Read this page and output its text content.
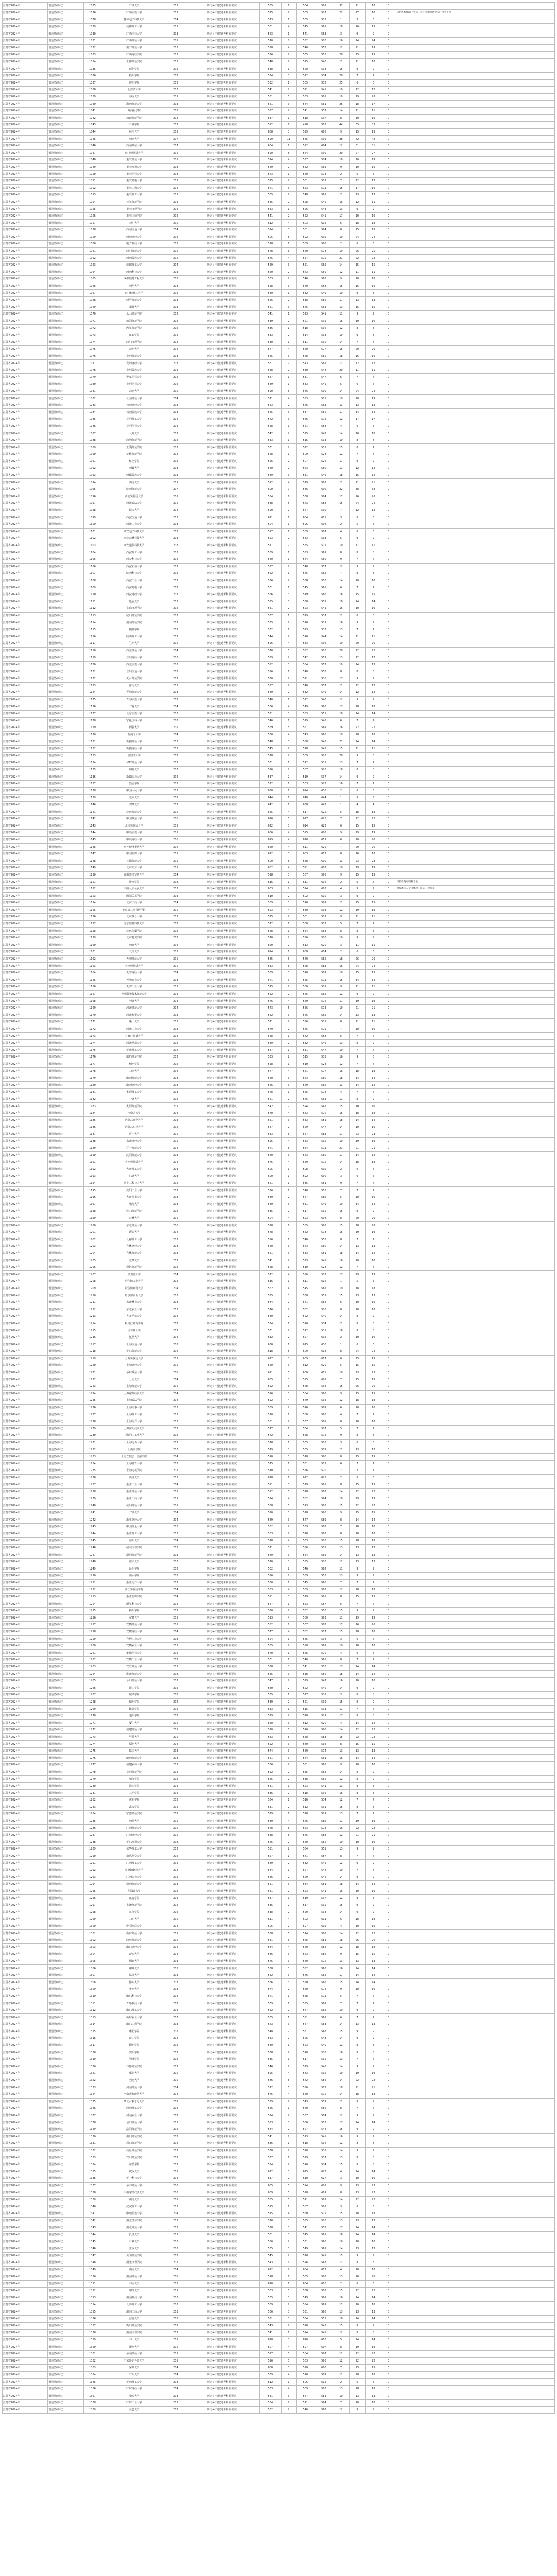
江苏省2024年	普通类(历史)	1025	广西大学	203	历史+不限(选考科目要求)	585	1	564	585	37	11	10	0	
江苏省2024年	普通类(历史)	1026	广西民族大学	203	历史+不限(选考科目要求)	575	2	505	527	22	17	10	0	只招收本科以上学历，具有国家承认学历的考生报考
江苏省2024年	普通类(历史)	1028	桂林电子科技大学	204	历史+不限(选考科目要求)	573	1	565	573	1	3	3	0	
江苏省2024年	普通类(历史)	1029	桂林理工大学	203	历史+不限(选考科目要求)	561	4	545	561	18	16	15	0	
江苏省2024年	普通类(历史)	1030	广西医科大学	203	历史+不限(选考科目要求)	563	1	541	563	3	9	9	0	
江苏省2024年	普通类(历史)	1031	广西师范大学	205	历史+不限(选考科目要求)	570	8	552	570	16	24	24	0	
江苏省2024年	普通类(历史)	1032	南宁师范大学	203	历史+不限(选考科目要求)	558	4	540	558	12	21	19	0	
江苏省2024年	普通类(历史)	1033	广西财经学院	203	历史+不限(选考科目要求)	556	2	535	556	28	15	15	0	
江苏省2024年	普通类(历史)	1034	玉林师范学院	203	历史+不限(选考科目要求)	540	2	525	540	11	11	10	0	
江苏省2024年	普通类(历史)	1035	百色学院	202	历史+不限(选考科目要求)	538	1	520	538	15	9	9	0	
江苏省2024年	普通类(历史)	1036	梧州学院	202	历史+不限(选考科目要求)	534	3	512	534	20	7	7	0	
江苏省2024年	普通类(历史)	1037	贺州学院	202	历史+不限(选考科目要求)	532	1	505	532	25	6	6	0	
江苏省2024年	普通类(历史)	1038	北部湾大学	203	历史+不限(选考科目要求)	541	2	521	541	10	12	12	0	
江苏省2024年	普通类(历史)	1039	海南大学	205	历史+不限(选考科目要求)	581	5	563	581	19	29	28	0	
江苏省2024年	普通类(历史)	1040	海南师范大学	203	历史+不限(选考科目要求)	561	3	544	561	26	18	17	0	
江苏省2024年	普通类(历史)	1041	海南医学院	203	历史+不限(选考科目要求)	557	2	541	557	14	11	11	0	
江苏省2024年	普通类(历史)	1042	琼台师范学院	202	历史+不限(选考科目要求)	537	1	518	537	8	10	10	0	
江苏省2024年	普通类(历史)	1043	三亚学院	202	历史+不限(选考科目要求)	512	6	498	512	44	35	33	0	
江苏省2024年	普通类(历史)	1044	重庆大学	205	历史+不限(选考科目要求)	608	3	599	608	9	15	15	0	
江苏省2024年	普通类(历史)	1045	西南大学	207	历史+不限(选考科目要求)	599	11	585	599	28	42	42	0	
江苏省2024年	普通类(历史)	1046	西南政法大学	207	历史+不限(选考科目要求)	604	6	592	604	12	31	31	0	
江苏省2024年	普通类(历史)	1047	四川外国语大学	205	历史+不限(选考科目要求)	590	5	574	590	20	27	27	0	
江苏省2024年	普通类(历史)	1048	重庆师范大学	205	历史+不限(选考科目要求)	574	4	557	574	18	20	19	0	
江苏省2024年	普通类(历史)	1049	重庆交通大学	203	历史+不限(选考科目要求)	569	2	552	569	9	10	10	0	
江苏省2024年	普通类(历史)	1050	重庆医科大学	203	历史+不限(选考科目要求)	573	1	560	573	2	6	6	0	
江苏省2024年	普通类(历史)	1051	重庆邮电大学	203	历史+不限(选考科目要求)	575	2	561	575	7	12	12	0	
江苏省2024年	普通类(历史)	1052	重庆工商大学	204	历史+不限(选考科目要求)	571	3	553	571	15	17	16	0	
江苏省2024年	普通类(历史)	1053	重庆理工大学	203	历史+不限(选考科目要求)	565	2	548	565	11	13	13	0	
江苏省2024年	普通类(历史)	1054	长江师范学院	202	历史+不限(选考科目要求)	545	2	528	545	16	12	11	0	
江苏省2024年	普通类(历史)	1055	重庆文理学院	202	历史+不限(选考科目要求)	543	1	526	543	13	9	9	0	
江苏省2024年	普通类(历史)	1056	重庆三峡学院	202	历史+不限(选考科目要求)	541	2	522	541	17	10	10	0	
江苏省2024年	普通类(历史)	1057	四川大学	205	历史+不限(选考科目要求)	612	4	603	612	6	18	18	0	
江苏省2024年	普通类(历史)	1058	西南交通大学	204	历史+不限(选考科目要求)	594	3	581	594	8	15	15	0	
江苏省2024年	普通类(历史)	1059	西南财经大学	206	历史+不限(选考科目要求)	605	5	592	605	10	24	24	0	
江苏省2024年	普通类(历史)	1060	电子科技大学	203	历史+不限(选考科目要求)	598	1	589	598	2	6	6	0	
江苏省2024年	普通类(历史)	1061	四川师范大学	205	历史+不限(选考科目要求)	578	6	560	578	19	26	25	0	
江苏省2024年	普通类(历史)	1062	西南民族大学	205	历史+不限(选考科目要求)	575	4	557	575	21	22	22	0	
江苏省2024年	普通类(历史)	1063	成都理工大学	204	历史+不限(选考科目要求)	569	3	551	569	14	15	15	0	
江苏省2024年	普通类(历史)	1064	西南科技大学	203	历史+不限(选考科目要求)	560	2	543	560	12	11	11	0	
江苏省2024年	普通类(历史)	1065	成都信息工程大学	203	历史+不限(选考科目要求)	563	2	546	563	9	10	10	0	
江苏省2024年	普通类(历史)	1066	西华大学	203	历史+不限(选考科目要求)	558	3	540	558	15	16	16	0	
江苏省2024年	普通类(历史)	1067	四川轻化工大学	202	历史+不限(选考科目要求)	549	1	532	549	10	8	8	0	
江苏省2024年	普通类(历史)	1068	西华师范大学	203	历史+不限(选考科目要求)	556	2	538	556	17	13	13	0	
江苏省2024年	普通类(历史)	1069	成都大学	203	历史+不限(选考科目要求)	561	3	545	561	13	15	15	0	
江苏省2024年	普通类(历史)	1070	乐山师范学院	202	历史+不限(选考科目要求)	541	1	523	541	11	9	9	0	
江苏省2024年	普通类(历史)	1071	绵阳师范学院	202	历史+不限(选考科目要求)	539	2	521	539	16	10	10	0	
江苏省2024年	普通类(历史)	1072	内江师范学院	202	历史+不限(选考科目要求)	536	1	518	536	12	8	8	0	
江苏省2024年	普通类(历史)	1073	宜宾学院	202	历史+不限(选考科目要求)	533	2	514	533	19	9	8	0	
江苏省2024年	普通类(历史)	1074	四川文理学院	202	历史+不限(选考科目要求)	530	1	511	530	14	7	7	0	
江苏省2024年	普通类(历史)	1075	贵州大学	204	历史+不限(选考科目要求)	577	4	560	577	15	20	20	0	
江苏省2024年	普通类(历史)	1076	贵州师范大学	203	历史+不限(选考科目要求)	565	3	548	565	18	16	16	0	
江苏省2024年	普通类(历史)	1077	贵州财经大学	203	历史+不限(选考科目要求)	561	2	543	561	12	12	12	0	
江苏省2024年	普通类(历史)	1078	贵州民族大学	202	历史+不限(选考科目要求)	548	2	530	548	20	11	11	0	
江苏省2024年	普通类(历史)	1079	遵义医科大学	202	历史+不限(选考科目要求)	547	1	531	547	6	7	7	0	
江苏省2024年	普通类(历史)	1080	贵州医科大学	202	历史+不限(选考科目要求)	549	1	533	549	5	6	6	0	
江苏省2024年	普通类(历史)	1081	云南大学	205	历史+不限(选考科目要求)	590	5	576	590	14	24	24	0	
江苏省2024年	普通类(历史)	1082	云南师范大学	204	历史+不限(选考科目要求)	571	4	553	571	19	20	19	0	
江苏省2024年	普通类(历史)	1083	云南财经大学	203	历史+不限(选考科目要求)	563	2	546	563	13	13	13	0	
江苏省2024年	普通类(历史)	1084	云南民族大学	203	历史+不限(选考科目要求)	555	3	537	555	17	14	14	0	
江苏省2024年	普通类(历史)	1085	昆明理工大学	204	历史+不限(选考科目要求)	572	3	556	572	12	17	17	0	
江苏省2024年	普通类(历史)	1086	昆明医科大学	202	历史+不限(选考科目要求)	558	1	541	558	4	6	6	0	
江苏省2024年	普通类(历史)	1087	大理大学	202	历史+不限(选考科目要求)	542	2	525	542	14	10	10	0	
江苏省2024年	普通类(历史)	1088	曲靖师范学院	202	历史+不限(选考科目要求)	533	1	515	533	10	8	8	0	
江苏省2024年	普通类(历史)	1089	玉溪师范学院	202	历史+不限(选考科目要求)	531	2	512	531	15	8	7	0	
江苏省2024年	普通类(历史)	1090	楚雄师范学院	202	历史+不限(选考科目要求)	528	1	509	528	12	7	7	0	
江苏省2024年	普通类(历史)	1091	红河学院	202	历史+不限(选考科目要求)	526	2	507	526	17	9	9	0	
江苏省2024年	普通类(历史)	1092	西藏大学	203	历史+不限(选考科目要求)	560	2	543	560	11	12	12	0	
江苏省2024年	普通类(历史)	1093	西藏民族大学	203	历史+不限(选考科目要求)	549	3	531	549	18	15	14	0	
江苏省2024年	普通类(历史)	1094	西北大学	205	历史+不限(选考科目要求)	592	4	579	592	11	21	21	0	
江苏省2024年	普通类(历史)	1095	陕西师范大学	207	历史+不限(选考科目要求)	600	9	586	600	22	38	38	0	
江苏省2024年	普通类(历史)	1096	西安外国语大学	205	历史+不限(选考科目要求)	584	6	568	584	17	26	26	0	
江苏省2024年	普通类(历史)	1097	西北政法大学	205	历史+不限(选考科目要求)	588	5	573	588	15	24	24	0	
江苏省2024年	普通类(历史)	1098	长安大学	204	历史+不限(选考科目要求)	590	2	577	590	7	12	12	0	
江苏省2024年	普通类(历史)	1099	西安交通大学	203	历史+不限(选考科目要求)	611	1	604	611	3	6	6	0	
江苏省2024年	普通类(历史)	1100	西北工业大学	203	历史+不限(选考科目要求)	604	1	596	604	2	5	5	0	
江苏省2024年	普通类(历史)	1101	西安电子科技大学	203	历史+不限(选考科目要求)	597	1	589	597	4	6	6	0	
江苏省2024年	普通类(历史)	1102	西北农林科技大学	203	历史+不限(选考科目要求)	593	2	583	593	5	9	9	0	
江苏省2024年	普通类(历史)	1103	西安建筑科技大学	203	历史+不限(选考科目要求)	571	2	555	571	10	11	11	0	
江苏省2024年	普通类(历史)	1104	西安理工大学	203	历史+不限(选考科目要求)	569	1	553	569	8	8	8	0	
江苏省2024年	普通类(历史)	1105	西安科技大学	202	历史+不限(选考科目要求)	560	1	544	560	9	7	7	0	
江苏省2024年	普通类(历史)	1106	西安石油大学	202	历史+不限(选考科目要求)	557	2	540	557	12	9	9	0	
江苏省2024年	普通类(历史)	1107	陕西科技大学	202	历史+不限(选考科目要求)	562	1	545	562	7	8	8	0	
江苏省2024年	普通类(历史)	1108	西安工业大学	202	历史+不限(选考科目要求)	556	2	538	556	14	10	10	0	
江苏省2024年	普通类(历史)	1109	西安邮电大学	202	历史+不限(选考科目要求)	561	1	545	561	6	7	7	0	
江苏省2024年	普通类(历史)	1110	西安财经大学	203	历史+不限(选考科目要求)	566	3	549	566	16	15	15	0	
江苏省2024年	普通类(历史)	1111	延安大学	203	历史+不限(选考科目要求)	555	3	538	555	18	14	14	0	
江苏省2024年	普通类(历史)	1112	宝鸡文理学院	202	历史+不限(选考科目要求)	541	2	523	541	15	10	10	0	
江苏省2024年	普通类(历史)	1113	咸阳师范学院	202	历史+不限(选考科目要求)	537	1	519	537	11	8	8	0	
江苏省2024年	普通类(历史)	1114	渭南师范学院	202	历史+不限(选考科目要求)	535	2	516	535	16	9	9	0	
江苏省2024年	普通类(历史)	1115	榆林学院	202	历史+不限(选考科目要求)	532	1	513	532	13	7	7	0	
江苏省2024年	普通类(历史)	1116	陕西理工大学	202	历史+不限(选考科目要求)	544	2	526	544	14	11	11	0	
江苏省2024年	普通类(历史)	1117	兰州大学	205	历史+不限(选考科目要求)	596	4	583	596	10	20	20	0	
江苏省2024年	普通类(历史)	1118	西北师范大学	204	历史+不限(选考科目要求)	570	5	552	570	20	22	22	0	
江苏省2024年	普通类(历史)	1119	兰州财经大学	203	历史+不限(选考科目要求)	559	2	542	559	13	12	12	0	
江苏省2024年	普通类(历史)	1120	西北民族大学	203	历史+不限(选考科目要求)	552	3	534	552	19	14	13	0	
江苏省2024年	普通类(历史)	1121	兰州交通大学	202	历史+不限(选考科目要求)	556	1	540	556	8	8	8	0	
江苏省2024年	普通类(历史)	1122	天水师范学院	202	历史+不限(选考科目要求)	530	2	511	530	17	9	9	0	
江苏省2024年	普通类(历史)	1123	青海大学	203	历史+不限(选考科目要求)	557	2	540	557	11	12	12	0	
江苏省2024年	普通类(历史)	1124	青海师范大学	203	历史+不限(选考科目要求)	549	2	532	549	14	12	12	0	
江苏省2024年	普通类(历史)	1125	青海民族大学	202	历史+不限(选考科目要求)	540	1	522	540	12	9	9	0	
江苏省2024年	普通类(历史)	1126	宁夏大学	204	历史+不限(选考科目要求)	566	4	549	566	17	18	18	0	
江苏省2024年	普通类(历史)	1127	北方民族大学	203	历史+不限(选考科目要求)	551	3	533	551	18	14	14	0	
江苏省2024年	普通类(历史)	1128	宁夏医科大学	202	历史+不限(选考科目要求)	546	1	529	546	6	7	7	0	
江苏省2024年	普通类(历史)	1129	新疆大学	205	历史+不限(选考科目要求)	569	5	551	569	16	22	22	0	
江苏省2024年	普通类(历史)	1130	石河子大学	204	历史+不限(选考科目要求)	560	4	543	560	19	18	18	0	
江苏省2024年	普通类(历史)	1131	新疆师范大学	203	历史+不限(选考科目要求)	548	3	530	548	21	14	14	0	
江苏省2024年	普通类(历史)	1132	新疆财经大学	203	历史+不限(选考科目要求)	545	2	528	545	15	11	11	0	
江苏省2024年	普通类(历史)	1133	塔里木大学	202	历史+不限(选考科目要求)	528	2	509	528	20	9	8	0	
江苏省2024年	普通类(历史)	1134	伊犁师范大学	202	历史+不限(选考科目要求)	531	1	512	531	13	7	7	0	
江苏省2024年	普通类(历史)	1135	喀什大学	202	历史+不限(选考科目要求)	526	2	507	526	18	8	8	0	
江苏省2024年	普通类(历史)	1136	新疆农业大学	202	历史+不限(选考科目要求)	537	2	519	537	14	9	9	0	
江苏省2024年	普通类(历史)	1137	昌吉学院	202	历史+不限(选考科目要求)	522	1	503	522	16	7	7	0	
江苏省2024年	普通类(历史)	1138	中国人民大学	203	历史+不限(选考科目要求)	630	1	624	630	2	6	6	0	
江苏省2024年	普通类(历史)	1139	北京大学	202	历史+不限(选考科目要求)	644	1	640	644	1	5	5	0	
江苏省2024年	普通类(历史)	1140	清华大学	202	历史+不限(选考科目要求)	642	1	638	642	1	4	4	0	
江苏省2024年	普通类(历史)	1141	北京师范大学	205	历史+不限(选考科目要求)	625	4	617	625	5	18	18	0	
江苏省2024年	普通类(历史)	1142	中国政法大学	206	历史+不限(选考科目要求)	626	5	617	626	7	22	22	0	
江苏省2024年	普通类(历史)	1143	北京外国语大学	205	历史+不限(选考科目要求)	622	3	614	622	6	15	15	0	
江苏省2024年	普通类(历史)	1144	中央民族大学	205	历史+不限(选考科目要求)	606	4	595	606	9	19	19	0	
江苏省2024年	普通类(历史)	1145	中央财经大学	206	历史+不限(选考科目要求)	619	4	610	619	6	20	20	0	
江苏省2024年	普通类(历史)	1146	对外经济贸易大学	206	历史+不限(选考科目要求)	620	4	611	620	7	20	20	0	
江苏省2024年	普通类(历史)	1147	中国传媒大学	205	历史+不限(选考科目要求)	612	3	603	612	8	16	16	0	
江苏省2024年	普通类(历史)	1148	首都师范大学	205	历史+不限(选考科目要求)	600	5	588	600	13	23	23	0	
江苏省2024年	普通类(历史)	1149	北京语言大学	205	历史+不限(选考科目要求)	602	4	591	602	10	19	19	0	
江苏省2024年	普通类(历史)	1150	首都经济贸易大学	204	历史+不限(选考科目要求)	598	3	587	598	9	15	15	0	
江苏省2024年	普通类(历史)	1151	外交学院	203	历史+不限(选考科目要求)	616	1	611	616	2	6	6	0	只招收英语语种考生
江苏省2024年	普通类(历史)	1152	中国人民公安大学	203	历史+不限(选考科目要求)	603	2	594	603	4	9	9	0	须参加公安专业体检、面试、政审等
江苏省2024年	普通类(历史)	1153	国际关系学院	203	历史+不限(选考科目要求)	610	2	602	610	3	9	9	0	
江苏省2024年	普通类(历史)	1154	北京工商大学	204	历史+不限(选考科目要求)	589	3	576	589	11	15	15	0	
江苏省2024年	普通类(历史)	1155	北京第二外国语学院	205	历史+不限(选考科目要求)	593	4	580	593	12	19	19	0	
江苏省2024年	普通类(历史)	1156	北京联合大学	203	历史+不限(选考科目要求)	575	2	561	575	9	11	11	0	
江苏省2024年	普通类(历史)	1157	北京信息科技大学	202	历史+不限(选考科目要求)	572	1	560	572	5	7	7	0	
江苏省2024年	普通类(历史)	1158	北京印刷学院	202	历史+不限(选考科目要求)	568	1	554	568	8	8	8	0	
江苏省2024年	普通类(历史)	1159	北京物资学院	202	历史+不限(选考科目要求)	570	2	556	570	10	9	9	0	
江苏省2024年	普通类(历史)	1160	南开大学	204	历史+不限(选考科目要求)	620	2	613	620	3	11	11	0	
江苏省2024年	普通类(历史)	1161	天津大学	203	历史+不限(选考科目要求)	614	1	608	614	2	6	6	0	
江苏省2024年	普通类(历史)	1162	天津师范大学	205	历史+不限(选考科目要求)	585	6	570	585	18	26	26	0	
江苏省2024年	普通类(历史)	1163	天津外国语大学	205	历史+不限(选考科目要求)	583	5	568	583	16	24	24	0	
江苏省2024年	普通类(历史)	1164	天津财经大学	204	历史+不限(选考科目要求)	589	3	576	589	10	15	15	0	
江苏省2024年	普通类(历史)	1165	天津商业大学	203	历史+不限(选考科目要求)	571	3	555	571	15	14	14	0	
江苏省2024年	普通类(历史)	1166	天津工业大学	203	历史+不限(选考科目要求)	575	2	560	575	9	11	11	0	
江苏省2024年	普通类(历史)	1167	天津职业技术师范大学	202	历史+不限(选考科目要求)	562	2	545	562	12	9	9	0	
江苏省2024年	普通类(历史)	1168	河北大学	204	历史+不限(选考科目要求)	576	4	559	576	17	19	19	0	
江苏省2024年	普通类(历史)	1169	河北师范大学	204	历史+不限(选考科目要求)	573	5	556	573	19	21	21	0	
江苏省2024年	普通类(历史)	1170	河北经贸大学	203	历史+不限(选考科目要求)	562	3	545	562	14	13	13	0	
江苏省2024年	普通类(历史)	1171	燕山大学	203	历史+不限(选考科目要求)	571	2	556	571	8	11	11	0	
江苏省2024年	普通类(历史)	1172	河北工业大学	203	历史+不限(选考科目要求)	579	2	565	579	7	10	10	0	
江苏省2024年	普通类(历史)	1173	石家庄铁道大学	202	历史+不限(选考科目要求)	558	1	542	558	6	7	7	0	
江苏省2024年	普通类(历史)	1174	河北地质大学	202	历史+不限(选考科目要求)	549	2	532	549	13	9	9	0	
江苏省2024年	普通类(历史)	1175	华北理工大学	202	历史+不限(选考科目要求)	547	1	531	547	10	7	7	0	
江苏省2024年	普通类(历史)	1176	廊坊师范学院	202	历史+不限(选考科目要求)	533	2	515	533	16	9	8	0	
江苏省2024年	普通类(历史)	1177	衡水学院	202	历史+不限(选考科目要求)	528	1	510	528	12	7	7	0	
江苏省2024年	普通类(历史)	1178	山西大学	204	历史+不限(选考科目要求)	577	4	561	577	16	18	18	0	
江苏省2024年	普通类(历史)	1179	山西师范大学	203	历史+不限(选考科目要求)	560	3	543	560	18	14	14	0	
江苏省2024年	普通类(历史)	1180	山西财经大学	203	历史+不限(选考科目要求)	566	3	549	566	13	14	14	0	
江苏省2024年	普通类(历史)	1181	太原理工大学	203	历史+不限(选考科目要求)	578	1	565	578	4	7	7	0	
江苏省2024年	普通类(历史)	1182	中北大学	202	历史+不限(选考科目要求)	561	2	545	561	11	9	9	0	
江苏省2024年	普通类(历史)	1183	太原师范学院	202	历史+不限(选考科目要求)	542	2	524	542	15	10	10	0	
江苏省2024年	普通类(历史)	1184	内蒙古大学	204	历史+不限(选考科目要求)	570	4	553	570	16	18	18	0	
江苏省2024年	普通类(历史)	1185	内蒙古师范大学	203	历史+不限(选考科目要求)	551	3	533	551	18	14	14	0	
江苏省2024年	普通类(历史)	1186	内蒙古财经大学	202	历史+不限(选考科目要求)	547	2	529	547	14	10	10	0	
江苏省2024年	普通类(历史)	1187	辽宁大学	205	历史+不限(选考科目要求)	583	5	567	583	17	23	23	0	
江苏省2024年	普通类(历史)	1188	东北财经大学	205	历史+不限(选考科目要求)	595	4	583	595	10	19	19	0	
江苏省2024年	普通类(历史)	1189	辽宁师范大学	204	历史+不限(选考科目要求)	571	5	554	571	21	21	21	0	
江苏省2024年	普通类(历史)	1190	沈阳师范大学	203	历史+不限(选考科目要求)	560	3	543	560	17	14	14	0	
江苏省2024年	普通类(历史)	1191	大连外国语大学	204	历史+不限(选考科目要求)	575	4	559	575	14	18	18	0	
江苏省2024年	普通类(历史)	1192	大连理工大学	203	历史+不限(选考科目要求)	605	1	598	605	2	6	6	0	
江苏省2024年	普通类(历史)	1193	东北大学	203	历史+不限(选考科目要求)	600	1	592	600	3	6	6	0	
江苏省2024年	普通类(历史)	1194	辽宁工程技术大学	202	历史+不限(选考科目要求)	551	1	535	551	9	7	7	0	
江苏省2024年	普通类(历史)	1195	沈阳工业大学	202	历史+不限(选考科目要求)	556	1	540	556	7	7	7	0	
江苏省2024年	普通类(历史)	1196	大连海事大学	203	历史+不限(选考科目要求)	589	2	577	589	5	10	10	0	
江苏省2024年	普通类(历史)	1197	渤海大学	203	历史+不限(选考科目要求)	549	3	531	549	19	14	14	0	
江苏省2024年	普通类(历史)	1198	鞍山师范学院	202	历史+不限(选考科目要求)	535	2	517	535	15	9	9	0	
江苏省2024年	普通类(历史)	1199	吉林大学	205	历史+不限(选考科目要求)	604	4	593	604	8	20	20	0	
江苏省2024年	普通类(历史)	1200	东北师范大学	206	历史+不限(选考科目要求)	598	6	585	598	15	28	28	0	
江苏省2024年	普通类(历史)	1201	延边大学	204	历史+不限(选考科目要求)	578	4	562	578	16	19	19	0	
江苏省2024年	普通类(历史)	1202	长春理工大学	202	历史+不限(选考科目要求)	556	1	540	556	8	7	7	0	
江苏省2024年	普通类(历史)	1203	吉林财经大学	203	历史+不限(选考科目要求)	560	3	543	560	14	13	13	0	
江苏省2024年	普通类(历史)	1204	吉林师范大学	203	历史+不限(选考科目要求)	551	3	533	551	18	14	14	0	
江苏省2024年	普通类(历史)	1205	北华大学	202	历史+不限(选考科目要求)	541	2	523	541	16	10	10	0	
江苏省2024年	普通类(历史)	1206	通化师范学院	202	历史+不限(选考科目要求)	528	1	510	528	12	7	7	0	
江苏省2024年	普通类(历史)	1207	黑龙江大学	204	历史+不限(选考科目要求)	572	4	556	572	17	19	19	0	
江苏省2024年	普通类(历史)	1208	哈尔滨工业大学	202	历史+不限(选考科目要求)	616	1	611	616	1	5	5	0	
江苏省2024年	普通类(历史)	1209	哈尔滨师范大学	204	历史+不限(选考科目要求)	562	4	545	562	19	18	18	0	
江苏省2024年	普通类(历史)	1210	哈尔滨商业大学	203	历史+不限(选考科目要求)	555	3	538	555	15	13	13	0	
江苏省2024年	普通类(历史)	1211	东北林业大学	203	历史+不限(选考科目要求)	584	2	571	584	6	10	10	0	
江苏省2024年	普通类(历史)	1212	东北农业大学	203	历史+不限(选考科目要求)	576	2	562	576	8	10	10	0	
江苏省2024年	普通类(历史)	1213	齐齐哈尔大学	202	历史+不限(选考科目要求)	540	2	522	540	14	9	9	0	
江苏省2024年	普通类(历史)	1214	牡丹江师范学院	202	历史+不限(选考科目要求)	534	1	516	534	11	8	8	0	
江苏省2024年	普通类(历史)	1215	佳木斯大学	202	历史+不限(选考科目要求)	531	2	512	531	16	8	8	0	
江苏省2024年	普通类(历史)	1216	复旦大学	204	历史+不限(选考科目要求)	632	2	627	632	2	10	10	0	
江苏省2024年	普通类(历史)	1217	上海交通大学	203	历史+不限(选考科目要求)	630	1	625	630	1	6	6	0	
江苏省2024年	普通类(历史)	1218	华东师范大学	206	历史+不限(选考科目要求)	618	5	609	618	8	24	24	0	
江苏省2024年	普通类(历史)	1219	上海外国语大学	205	历史+不限(选考科目要求)	617	3	609	617	6	15	15	0	
江苏省2024年	普通类(历史)	1220	上海财经大学	205	历史+不限(选考科目要求)	620	3	612	620	5	15	15	0	
江苏省2024年	普通类(历史)	1221	华东政法大学	206	历史+不限(选考科目要求)	611	5	600	611	10	23	23	0	
江苏省2024年	普通类(历史)	1222	上海大学	204	历史+不限(选考科目要求)	605	3	595	605	7	15	15	0	
江苏省2024年	普通类(历史)	1223	上海师范大学	205	历史+不限(选考科目要求)	592	6	578	592	15	26	26	0	
江苏省2024年	普通类(历史)	1224	上海对外经贸大学	204	历史+不限(选考科目要求)	596	3	584	596	9	15	15	0	
江苏省2024年	普通类(历史)	1225	上海政法学院	204	历史+不限(选考科目要求)	592	4	579	592	12	18	18	0	
江苏省2024年	普通类(历史)	1226	上海海事大学	203	历史+不限(选考科目要求)	589	2	576	589	6	10	10	0	
江苏省2024年	普通类(历史)	1227	上海理工大学	203	历史+不限(选考科目要求)	590	1	580	590	4	7	7	0	
江苏省2024年	普通类(历史)	1228	上海海洋大学	203	历史+不限(选考科目要求)	581	2	567	581	8	10	10	0	
江苏省2024年	普通类(历史)	1229	上海应用技术大学	202	历史+不限(选考科目要求)	577	1	564	577	5	7	7	0	
江苏省2024年	普通类(历史)	1230	上海第二工业大学	202	历史+不限(选考科目要求)	572	2	558	572	9	8	8	0	
江苏省2024年	普通类(历史)	1231	上海电力大学	202	历史+不限(选考科目要求)	578	1	565	578	3	6	6	0	
江苏省2024年	普通类(历史)	1232	上海商学院	203	历史+不限(选考科目要求)	579	3	565	579	11	13	13	0	
江苏省2024年	普通类(历史)	1233	上海立信会计金融学院	204	历史+不限(选考科目要求)	590	3	578	590	8	15	15	0	
江苏省2024年	普通类(历史)	1234	上海体育大学	202	历史+不限(选考科目要求)	575	1	561	575	6	7	7	0	
江苏省2024年	普通类(历史)	1235	上海电机学院	202	历史+不限(选考科目要求)	570	1	556	570	7	7	7	0	
江苏省2024年	普通类(历史)	1236	浙江大学	203	历史+不限(选考科目要求)	628	1	622	628	2	6	6	0	
江苏省2024年	普通类(历史)	1237	浙江工业大学	204	历史+不限(选考科目要求)	591	3	579	591	8	15	15	0	
江苏省2024年	普通类(历史)	1238	浙江师范大学	205	历史+不限(选考科目要求)	592	5	578	592	14	22	22	0	
江苏省2024年	普通类(历史)	1239	浙江工商大学	205	历史+不限(选考科目要求)	594	4	582	594	10	19	19	0	
江苏省2024年	普通类(历史)	1240	杭州师范大学	205	历史+不限(选考科目要求)	588	5	573	588	15	22	22	0	
江苏省2024年	普通类(历史)	1241	宁波大学	204	历史+不限(选考科目要求)	590	3	578	590	9	15	15	0	
江苏省2024年	普通类(历史)	1242	浙江财经大学	204	历史+不限(选考科目要求)	589	3	577	589	8	14	14	0	
江苏省2024年	普通类(历史)	1243	中国计量大学	203	历史+不限(选考科目要求)	582	2	569	582	7	10	10	0	
江苏省2024年	普通类(历史)	1244	浙江理工大学	203	历史+不限(选考科目要求)	583	2	570	583	8	10	10	0	
江苏省2024年	普通类(历史)	1245	温州大学	204	历史+不限(选考科目要求)	578	4	563	578	15	18	18	0	
江苏省2024年	普通类(历史)	1246	绍兴文理学院	203	历史+不限(选考科目要求)	571	3	556	571	13	13	13	0	
江苏省2024年	普通类(历史)	1247	湖州师范学院	203	历史+不限(选考科目要求)	569	3	554	569	14	13	13	0	
江苏省2024年	普通类(历史)	1248	嘉兴大学	203	历史+不限(选考科目要求)	570	3	555	570	12	13	13	0	
江苏省2024年	普通类(历史)	1249	台州学院	202	历史+不限(选考科目要求)	562	2	546	562	11	9	9	0	
江苏省2024年	普通类(历史)	1250	丽水学院	202	历史+不限(选考科目要求)	556	2	539	556	13	9	9	0	
江苏省2024年	普通类(历史)	1251	浙江海洋大学	202	历史+不限(选考科目要求)	560	1	545	560	7	7	7	0	
江苏省2024年	普通类(历史)	1252	浙江外国语学院	204	历史+不限(选考科目要求)	583	4	569	583	12	18	18	0	
江苏省2024年	普通类(历史)	1253	浙江传媒学院	204	历史+不限(选考科目要求)	591	3	579	591	8	15	15	0	
江苏省2024年	普通类(历史)	1254	浙江科技大学	202	历史+不限(选考科目要求)	567	1	553	567	6	7	7	0	
江苏省2024年	普通类(历史)	1255	衢州学院	202	历史+不限(选考科目要求)	550	2	532	550	15	9	9	0	
江苏省2024年	普通类(历史)	1256	安徽大学	205	历史+不限(选考科目要求)	593	4	580	593	11	19	19	0	
江苏省2024年	普通类(历史)	1257	安徽师范大学	205	历史+不限(选考科目要求)	582	6	567	582	17	26	26	0	
江苏省2024年	普通类(历史)	1258	安徽财经大学	204	历史+不限(选考科目要求)	577	4	562	577	15	18	18	0	
江苏省2024年	普通类(历史)	1259	合肥工业大学	203	历史+不限(选考科目要求)	594	1	585	594	3	6	6	0	
江苏省2024年	普通类(历史)	1260	安徽农业大学	203	历史+不限(选考科目要求)	565	2	550	565	10	10	10	0	
江苏省2024年	普通类(历史)	1261	安徽医科大学	202	历史+不限(选考科目要求)	570	1	556	570	4	6	6	0	
江苏省2024年	普通类(历史)	1262	安徽工业大学	202	历史+不限(选考科目要求)	561	1	546	561	8	7	7	0	
江苏省2024年	普通类(历史)	1263	安庆师范大学	203	历史+不限(选考科目要求)	558	3	541	558	17	14	14	0	
江苏省2024年	普通类(历史)	1264	淮北师范大学	203	历史+不限(选考科目要求)	555	3	538	555	18	14	14	0	
江苏省2024年	普通类(历史)	1265	阜阳师范大学	202	历史+不限(选考科目要求)	547	2	529	547	16	10	10	0	
江苏省2024年	普通类(历史)	1266	黄山学院	202	历史+不限(选考科目要求)	540	2	522	540	14	9	9	0	
江苏省2024年	普通类(历史)	1267	皖西学院	202	历史+不限(选考科目要求)	535	1	517	535	12	8	8	0	
江苏省2024年	普通类(历史)	1268	滁州学院	202	历史+不限(选考科目要求)	539	2	521	539	15	9	9	0	
江苏省2024年	普通类(历史)	1269	巢湖学院	202	历史+不限(选考科目要求)	533	1	515	533	11	7	7	0	
江苏省2024年	普通类(历史)	1270	池州学院	202	历史+不限(选考科目要求)	529	2	510	529	17	8	8	0	
江苏省2024年	普通类(历史)	1271	厦门大学	205	历史+不限(选考科目要求)	620	3	612	620	4	14	14	0	
江苏省2024年	普通类(历史)	1272	福建师范大学	205	历史+不限(选考科目要求)	590	5	576	590	14	22	22	0	
江苏省2024年	普通类(历史)	1273	华侨大学	205	历史+不限(选考科目要求)	583	5	568	583	15	22	22	0	
江苏省2024年	普通类(历史)	1274	福州大学	204	历史+不限(选考科目要求)	592	3	580	592	8	15	15	0	
江苏省2024年	普通类(历史)	1275	集美大学	203	历史+不限(选考科目要求)	574	3	559	574	13	13	13	0	
江苏省2024年	普通类(历史)	1276	闽南师范大学	203	历史+不限(选考科目要求)	561	3	544	561	16	14	14	0	
江苏省2024年	普通类(历史)	1277	福建农林大学	203	历史+不限(选考科目要求)	566	2	551	566	9	10	10	0	
江苏省2024年	普通类(历史)	1278	泉州师范学院	202	历史+不限(选考科目要求)	552	2	535	552	14	9	9	0	
江苏省2024年	普通类(历史)	1279	闽江学院	202	历史+不限(选考科目要求)	555	2	538	555	12	9	9	0	
江苏省2024年	普通类(历史)	1280	莆田学院	202	历史+不限(选考科目要求)	541	1	523	541	13	8	8	0	
江苏省2024年	普通类(历史)	1281	三明学院	202	历史+不限(选考科目要求)	536	2	518	536	16	8	8	0	
江苏省2024年	普通类(历史)	1282	龙岩学院	202	历史+不限(选考科目要求)	534	1	516	534	12	7	7	0	
江苏省2024年	普通类(历史)	1283	武夷学院	202	历史+不限(选考科目要求)	531	2	512	531	15	8	8	0	
江苏省2024年	普通类(历史)	1284	宁德师范学院	202	历史+不限(选考科目要求)	529	1	510	529	13	7	7	0	
江苏省2024年	普通类(历史)	1285	南昌大学	205	历史+不限(选考科目要求)	589	4	576	589	11	19	19	0	
江苏省2024年	普通类(历史)	1286	江西师范大学	205	历史+不限(选考科目要求)	578	5	563	578	16	22	22	0	
江苏省2024年	普通类(历史)	1287	江西财经大学	205	历史+不限(选考科目要求)	588	5	575	588	12	21	21	0	
江苏省2024年	普通类(历史)	1288	华东交通大学	203	历史+不限(选考科目要求)	565	2	550	565	10	10	10	0	
江苏省2024年	普通类(历史)	1289	东华理工大学	202	历史+不限(选考科目要求)	551	2	534	551	13	9	9	0	
江苏省2024年	普通类(历史)	1290	南昌航空大学	202	历史+不限(选考科目要求)	557	1	541	557	8	7	7	0	
江苏省2024年	普通类(历史)	1291	江西理工大学	202	历史+不限(选考科目要求)	549	2	532	549	12	9	9	0	
江苏省2024年	普通类(历史)	1292	景德镇陶瓷大学	202	历史+不限(选考科目要求)	544	1	527	544	10	7	7	0	
江苏省2024年	普通类(历史)	1293	江西农业大学	202	历史+不限(选考科目要求)	546	2	529	546	14	9	9	0	
江苏省2024年	普通类(历史)	1294	赣南师范大学	203	历史+不限(选考科目要求)	551	3	534	551	18	14	14	0	
江苏省2024年	普通类(历史)	1295	井冈山大学	202	历史+不限(选考科目要求)	541	2	523	541	16	10	10	0	
江苏省2024年	普通类(历史)	1296	宜春学院	202	历史+不限(选考科目要求)	537	1	519	537	12	8	8	0	
江苏省2024年	普通类(历史)	1297	上饶师范学院	202	历史+不限(选考科目要求)	535	2	517	535	15	9	9	0	
江苏省2024年	普通类(历史)	1298	九江学院	202	历史+不限(选考科目要求)	538	2	520	538	14	9	9	0	
江苏省2024年	普通类(历史)	1299	山东大学	205	历史+不限(选考科目要求)	611	4	602	611	6	18	18	0	
江苏省2024年	普通类(历史)	1300	中国海洋大学	204	历史+不限(选考科目要求)	605	2	597	605	4	10	10	0	
江苏省2024年	普通类(历史)	1301	山东师范大学	205	历史+不限(选考科目要求)	588	5	574	588	14	22	22	0	
江苏省2024年	普通类(历史)	1302	曲阜师范大学	205	历史+不限(选考科目要求)	581	6	566	581	18	26	26	0	
江苏省2024年	普通类(历史)	1303	山东财经大学	204	历史+不限(选考科目要求)	584	4	570	584	12	18	18	0	
江苏省2024年	普通类(历史)	1304	青岛大学	204	历史+不限(选考科目要求)	586	3	573	586	9	15	15	0	
江苏省2024年	普通类(历史)	1305	烟台大学	203	历史+不限(选考科目要求)	575	3	560	575	13	13	13	0	
江苏省2024年	普通类(历史)	1306	聊城大学	203	历史+不限(选考科目要求)	568	3	552	568	16	14	14	0	
江苏省2024年	普通类(历史)	1307	临沂大学	203	历史+不限(选考科目要求)	562	3	546	562	17	14	14	0	
江苏省2024年	普通类(历史)	1308	鲁东大学	203	历史+不限(选考科目要求)	566	3	550	566	15	14	14	0	
江苏省2024年	普通类(历史)	1309	济南大学	203	历史+不限(选考科目要求)	574	2	560	574	9	10	10	0	
江苏省2024年	普通类(历史)	1310	山东科技大学	202	历史+不限(选考科目要求)	571	1	558	571	5	7	7	0	
江苏省2024年	普通类(历史)	1311	青岛科技大学	202	历史+不限(选考科目要求)	569	1	555	569	7	7	7	0	
江苏省2024年	普通类(历史)	1312	山东理工大学	202	历史+不限(选考科目要求)	562	2	547	562	10	9	9	0	
江苏省2024年	普通类(历史)	1313	山东农业大学	202	历史+不限(选考科目要求)	565	1	551	565	6	7	7	0	
江苏省2024年	普通类(历史)	1314	山东工商学院	203	历史+不限(选考科目要求)	563	3	547	563	14	13	13	0	
江苏省2024年	普通类(历史)	1315	潍坊学院	202	历史+不限(选考科目要求)	548	2	531	548	15	9	9	0	
江苏省2024年	普通类(历史)	1316	泰山学院	202	历史+不限(选考科目要求)	543	2	526	543	14	9	9	0	
江苏省2024年	普通类(历史)	1317	德州学院	202	历史+不限(选考科目要求)	540	1	523	540	12	8	8	0	
江苏省2024年	普通类(历史)	1318	滨州学院	202	历史+不限(选考科目要求)	538	2	520	538	16	8	8	0	
江苏省2024年	普通类(历史)	1319	菏泽学院	202	历史+不限(选考科目要求)	535	1	517	535	13	7	7	0	
江苏省2024年	普通类(历史)	1320	齐鲁师范学院	202	历史+不限(选考科目要求)	546	2	529	546	14	9	9	0	
江苏省2024年	普通类(历史)	1321	郑州大学	205	历史+不限(选考科目要求)	595	4	583	595	10	19	19	0	
江苏省2024年	普通类(历史)	1322	河南大学	205	历史+不限(选考科目要求)	586	5	572	586	14	22	22	0	
江苏省2024年	普通类(历史)	1323	河南师范大学	204	历史+不限(选考科目要求)	572	5	556	572	18	21	21	0	
江苏省2024年	普通类(历史)	1324	河南财经政法大学	204	历史+不限(选考科目要求)	575	4	560	575	14	18	18	0	
江苏省2024年	普通类(历史)	1325	华北水利水电大学	202	历史+不限(选考科目要求)	559	2	543	559	11	9	9	0	
江苏省2024年	普通类(历史)	1326	河南理工大学	202	历史+不限(选考科目要求)	556	1	540	556	8	7	7	0	
江苏省2024年	普通类(历史)	1327	河南农业大学	202	历史+不限(选考科目要求)	554	2	537	554	12	9	9	0	
江苏省2024年	普通类(历史)	1328	信阳师范大学	203	历史+不限(选考科目要求)	553	3	536	553	17	14	14	0	
江苏省2024年	普通类(历史)	1329	洛阳师范学院	202	历史+不限(选考科目要求)	544	2	527	544	15	9	9	0	
江苏省2024年	普通类(历史)	1330	南阳师范学院	202	历史+不限(选考科目要求)	541	2	523	541	16	9	9	0	
江苏省2024年	普通类(历史)	1331	周口师范学院	202	历史+不限(选考科目要求)	536	1	518	536	12	8	8	0	
江苏省2024年	普通类(历史)	1332	商丘师范学院	202	历史+不限(选考科目要求)	538	2	520	538	14	9	9	0	
江苏省2024年	普通类(历史)	1333	安阳师范学院	202	历史+不限(选考科目要求)	537	1	519	537	13	8	8	0	
江苏省2024年	普通类(历史)	1334	许昌学院	202	历史+不限(选考科目要求)	534	2	516	534	15	8	8	0	
江苏省2024年	普通类(历史)	1335	武汉大学	205	历史+不限(选考科目要求)	622	3	615	622	4	14	14	0	
江苏省2024年	普通类(历史)	1336	华中科技大学	204	历史+不限(选考科目要求)	617	2	610	617	3	10	10	0	
江苏省2024年	普通类(历史)	1337	华中师范大学	206	历史+不限(选考科目要求)	605	5	594	605	9	23	23	0	
江苏省2024年	普通类(历史)	1338	中南财经政法大学	206	历史+不限(选考科目要求)	609	5	598	609	8	23	23	0	
江苏省2024年	普通类(历史)	1339	湖北大学	205	历史+不限(选考科目要求)	585	5	571	585	14	22	22	0	
江苏省2024年	普通类(历史)	1340	武汉理工大学	203	历史+不限(选考科目要求)	595	1	587	595	3	6	6	0	
江苏省2024年	普通类(历史)	1341	中南民族大学	204	历史+不限(选考科目要求)	575	4	560	575	15	18	18	0	
江苏省2024年	普通类(历史)	1342	湖北经济学院	203	历史+不限(选考科目要求)	570	3	555	570	13	13	13	0	
江苏省2024年	普通类(历史)	1343	湖北师范大学	203	历史+不限(选考科目要求)	558	3	541	558	17	14	14	0	
江苏省2024年	普通类(历史)	1344	长江大学	203	历史+不限(选考科目要求)	561	3	545	561	16	14	14	0	
江苏省2024年	普通类(历史)	1345	三峡大学	203	历史+不限(选考科目要求)	566	2	551	566	10	10	10	0	
江苏省2024年	普通类(历史)	1346	江汉大学	203	历史+不限(选考科目要求)	565	3	549	565	14	13	13	0	
江苏省2024年	普通类(历史)	1347	黄冈师范学院	202	历史+不限(选考科目要求)	545	2	528	545	15	9	9	0	
江苏省2024年	普通类(历史)	1348	湖北文理学院	202	历史+不限(选考科目要求)	543	1	526	543	12	8	8	0	
江苏省2024年	普通类(历史)	1349	湖南大学	204	历史+不限(选考科目要求)	612	2	604	612	4	10	10	0	
江苏省2024年	普通类(历史)	1350	湖南师范大学	206	历史+不限(选考科目要求)	598	6	585	598	13	26	26	0	
江苏省2024年	普通类(历史)	1351	中南大学	203	历史+不限(选考科目要求)	610	1	604	610	2	6	6	0	
江苏省2024年	普通类(历史)	1352	湘潭大学	205	历史+不限(选考科目要求)	583	5	568	583	15	22	22	0	
江苏省2024年	普通类(历史)	1353	湖南科技大学	203	历史+不限(选考科目要求)	565	3	549	565	16	14	14	0	
江苏省2024年	普通类(历史)	1354	长沙理工大学	203	历史+不限(选考科目要求)	569	2	554	569	11	10	10	0	
江苏省2024年	普通类(历史)	1355	湖南工商大学	203	历史+不限(选考科目要求)	566	3	551	566	13	13	13	0	
江苏省2024年	普通类(历史)	1356	吉首大学	203	历史+不限(选考科目要求)	551	3	534	551	18	14	14	0	
江苏省2024年	普通类(历史)	1357	衡阳师范学院	202	历史+不限(选考科目要求)	543	2	526	543	15	9	9	0	
江苏省2024年	普通类(历史)	1358	湖南文理学院	202	历史+不限(选考科目要求)	541	1	524	541	12	8	8	0	
江苏省2024年	普通类(历史)	1359	中山大学	205	历史+不限(选考科目要求)	618	3	610	618	5	14	14	0	
江苏省2024年	普通类(历史)	1360	暨南大学	205	历史+不限(选考科目要求)	607	4	597	607	8	19	19	0	
江苏省2024年	普通类(历史)	1361	华南师范大学	205	历史+不限(选考科目要求)	597	5	584	597	12	22	22	0	
江苏省2024年	普通类(历史)	1362	广东外语外贸大学	205	历史+不限(选考科目要求)	596	5	583	596	12	22	22	0	
江苏省2024年	普通类(历史)	1363	深圳大学	204	历史+不限(选考科目要求)	600	3	590	600	7	15	15	0	
江苏省2024年	普通类(历史)	1364	广州大学	204	历史+不限(选考科目要求)	589	4	576	589	11	18	18	0	
江苏省2024年	普通类(历史)	1365	华南理工大学	203	历史+不限(选考科目要求)	612	1	606	612	2	6	6	0	
江苏省2024年	普通类(历史)	1366	广东财经大学	204	历史+不限(选考科目要求)	583	4	569	583	13	18	18	0	
江苏省2024年	普通类(历史)	1367	汕头大学	203	历史+不限(选考科目要求)	581	3	567	581	10	13	13	0	
江苏省2024年	普通类(历史)	1368	广东工业大学	203	历史+不限(选考科目要求)	584	2	571	584	7	10	10	0	
江苏省2024年	普通类(历史)	1369	五邑大学	202	历史+不限(选考科目要求)	562	2	546	562	12	9	9	0	
